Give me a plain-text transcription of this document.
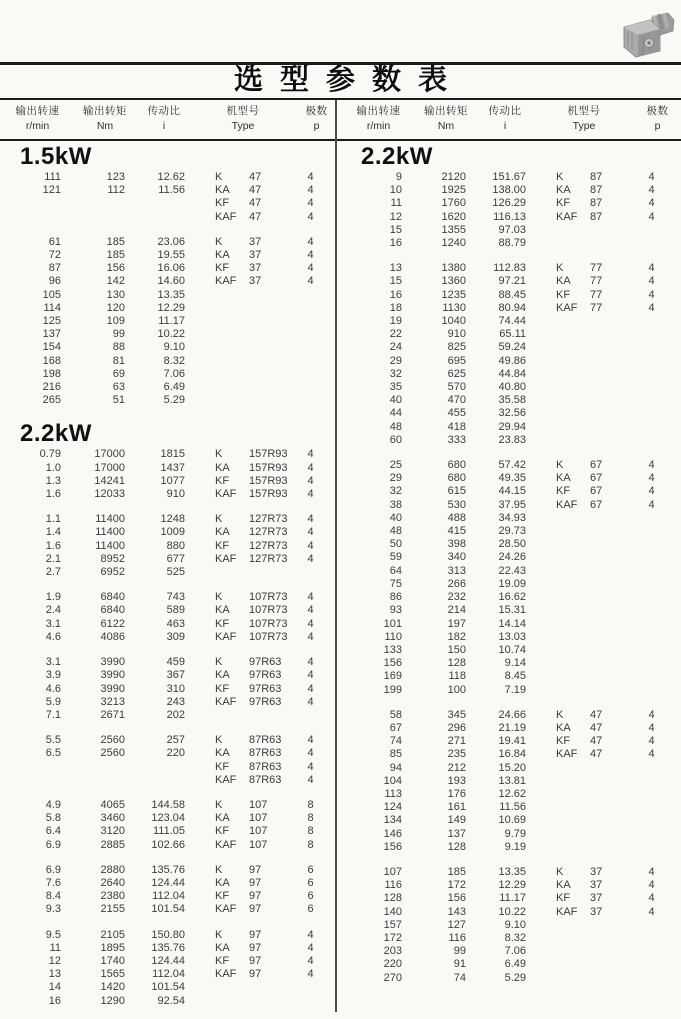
选型参数表
输出转速
r/min
输出转矩
Nm
传动比
i
机型号
Type
极数
p
输出转速
r/min
输出转矩
Nm
传动比
i
机型号
Type
极数
p
1.5kW
111	123	12.62	K 47	4
121	112	11.56	KA 47	4
KF 47	4
KAF 47	4
61	185	23.06	K 37	4
72	185	19.55	KA 37	4
87	156	16.06	KF 37	4
96	142	14.60	KAF 37	4
105	130	13.35
114	120	12.29
125	109	11.17
137	99	10.22
154	88	9.10
168	81	8.32
198	69	7.06
216	63	6.49
265	51	5.29
2.2kW
0.79	17000	1815	K 157R93	4
1.0	17000	1437	KA 157R93	4
1.3	14241	1077	KF 157R93	4
1.6	12033	910	KAF 157R93	4
1.1	11400	1248	K 127R73	4
1.4	11400	1009	KA 127R73	4
1.6	11400	880	KF 127R73	4
2.1	8952	677	KAF 127R73	4
2.7	6952	525
1.9	6840	743	K 107R73	4
2.4	6840	589	KA 107R73	4
3.1	6122	463	KF 107R73	4
4.6	4086	309	KAF 107R73	4
3.1	3990	459	K 97R63	4
3.9	3990	367	KA 97R63	4
4.6	3990	310	KF 97R63	4
5.9	3213	243	KAF 97R63	4
7.1	2671	202
5.5	2560	257	K 87R63	4
6.5	2560	220	KA 87R63	4
KF 87R63	4
KAF 87R63	4
4.9	4065	144.58	K 107	8
5.8	3460	123.04	KA 107	8
6.4	3120	111.05	KF 107	8
6.9	2885	102.66	KAF 107	8
6.9	2880	135.76	K 97	6
7.6	2640	124.44	KA 97	6
8.4	2380	112.04	KF 97	6
9.3	2155	101.54	KAF 97	6
9.5	2105	150.80	K 97	4
11	1895	135.76	KA 97	4
12	1740	124.44	KF 97	4
13	1565	112.04	KAF 97	4
14	1420	101.54
16	1290	92.54
2.2kW
9	2120	151.67	K 87	4
10	1925	138.00	KA 87	4
11	1760	126.29	KF 87	4
12	1620	116.13	KAF 87	4
15	1355	97.03
16	1240	88.79
13	1380	112.83	K 77	4
15	1360	97.21	KA 77	4
16	1235	88.45	KF 77	4
18	1130	80.94	KAF 77	4
19	1040	74.44
22	910	65.11
24	825	59.24
29	695	49.86
32	625	44.84
35	570	40.80
40	470	35.58
44	455	32.56
48	418	29.94
60	333	23.83
25	680	57.42	K 67	4
29	680	49.35	KA 67	4
32	615	44.15	KF 67	4
38	530	37.95	KAF 67	4
40	488	34.93
48	415	29.73
50	398	28.50
59	340	24.26
64	313	22.43
75	266	19.09
86	232	16.62
93	214	15.31
101	197	14.14
110	182	13.03
133	150	10.74
156	128	9.14
169	118	8.45
199	100	7.19
58	345	24.66	K 47	4
67	296	21.19	KA 47	4
74	271	19.41	KF 47	4
85	235	16.84	KAF 47	4
94	212	15.20
104	193	13.81
113	176	12.62
124	161	11.56
134	149	10.69
146	137	9.79
156	128	9.19
107	185	13.35	K 37	4
116	172	12.29	KA 37	4
128	156	11.17	KF 37	4
140	143	10.22	KAF 37	4
157	127	9.10
172	116	8.32
203	99	7.06
220	91	6.49
270	74	5.29
